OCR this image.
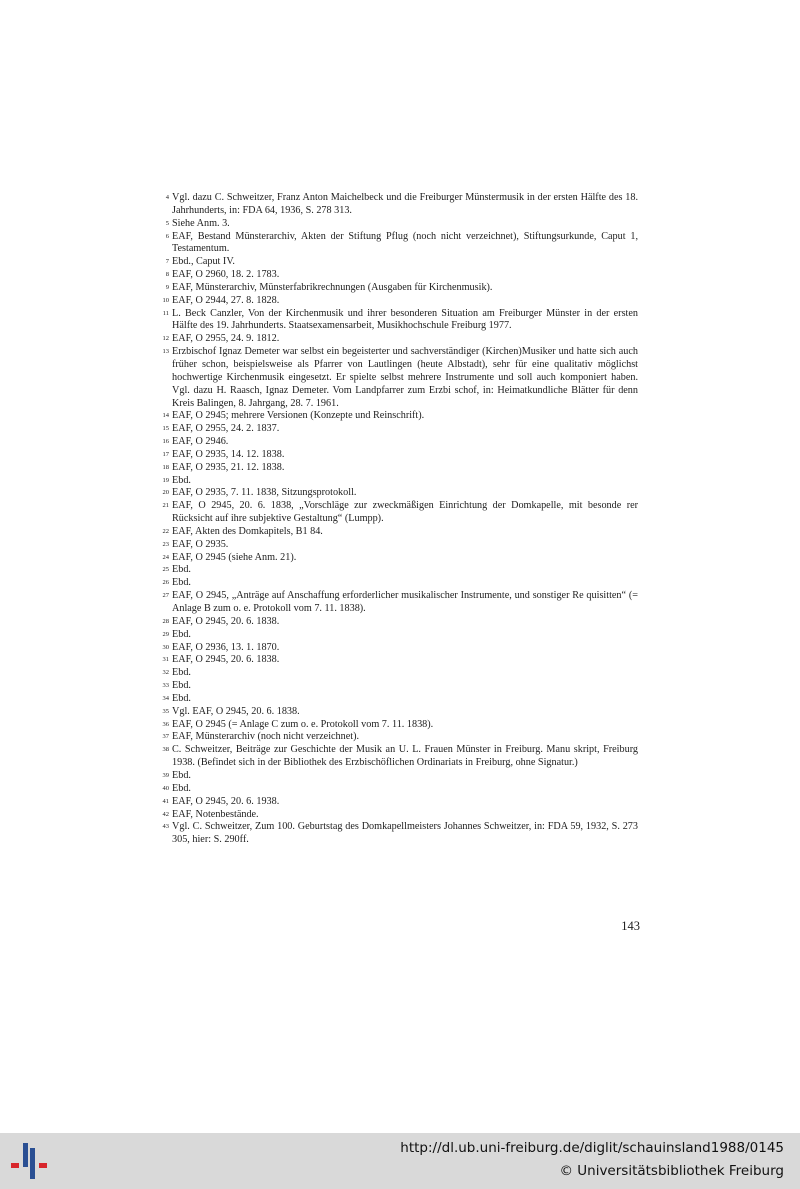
4 Vgl. dazu C. Schweitzer, Franz Anton Maichelbeck und die Freiburger Münstermusik in der ersten Hälfte des 18. Jahrhunderts, in: FDA 64, 1936, S. 278 313.
5 Siehe Anm. 3.
6 EAF, Bestand Münsterarchiv, Akten der Stiftung Pflug (noch nicht verzeichnet), Stiftungsurkunde, Caput 1, Testamentum.
7 Ebd., Caput IV.
8 EAF, O 2960, 18. 2. 1783.
9 EAF, Münsterarchiv, Münsterfabrikrechnungen (Ausgaben für Kirchenmusik).
10 EAF, O 2944, 27. 8. 1828.
11 L. Beck Canzler, Von der Kirchenmusik und ihrer besonderen Situation am Freiburger Münster in der ersten Hälfte des 19. Jahrhunderts. Staatsexamensarbeit, Musikhochschule Freiburg 1977.
12 EAF, O 2955, 24. 9. 1812.
13 Erzbischof Ignaz Demeter war selbst ein begeisterter und sachverständiger (Kirchen)Musiker und hatte sich auch früher schon, beispielsweise als Pfarrer von Lautlingen (heute Albstadt), sehr für eine qualitativ möglichst hochwertige Kirchenmusik eingesetzt. Er spielte selbst mehrere Instrumente und soll auch komponiert haben. Vgl. dazu H. Raasch, Ignaz Demeter. Vom Landpfarrer zum Erzbi schof, in: Heimatkundliche Blätter für denn Kreis Balingen, 8. Jahrgang, 28. 7. 1961.
14 EAF, O 2945; mehrere Versionen (Konzepte und Reinschrift).
15 EAF, O 2955, 24. 2. 1837.
16 EAF, O 2946.
17 EAF, O 2935, 14. 12. 1838.
18 EAF, O 2935, 21. 12. 1838.
19 Ebd.
20 EAF, O 2935, 7. 11. 1838, Sitzungsprotokoll.
21 EAF, O 2945, 20. 6. 1838, „Vorschläge zur zweckmäßigen Einrichtung der Domkapelle, mit besonde rer Rücksicht auf ihre subjektive Gestaltung“ (Lumpp).
22 EAF, Akten des Domkapitels, B1 84.
23 EAF, O 2935.
24 EAF, O 2945 (siehe Anm. 21).
25 Ebd.
26 Ebd.
27 EAF, O 2945, „Anträge auf Anschaffung erforderlicher musikalischer Instrumente, und sonstiger Re quisitten“ (= Anlage B zum o. e. Protokoll vom 7. 11. 1838).
28 EAF, O 2945, 20. 6. 1838.
29 Ebd.
30 EAF, O 2936, 13. 1. 1870.
31 EAF, O 2945, 20. 6. 1838.
32 Ebd.
33 Ebd.
34 Ebd.
35 Vgl. EAF, O 2945, 20. 6. 1838.
36 EAF, O 2945 (= Anlage C zum o. e. Protokoll vom 7. 11. 1838).
37 EAF, Münsterarchiv (noch nicht verzeichnet).
38 C. Schweitzer, Beiträge zur Geschichte der Musik an U. L. Frauen Münster in Freiburg. Manu skript, Freiburg 1938. (Befindet sich in der Bibliothek des Erzbischöflichen Ordinariats in Freiburg, ohne Signatur.)
39 Ebd.
40 Ebd.
41 EAF, O 2945, 20. 6. 1938.
42 EAF, Notenbestände.
43 Vgl. C. Schweitzer, Zum 100. Geburtstag des Domkapellmeisters Johannes Schweitzer, in: FDA 59, 1932, S. 273 305, hier: S. 290ff.
143
http://dl.ub.uni-freiburg.de/diglit/schauinsland1988/0145
© Universitätsbibliothek Freiburg
